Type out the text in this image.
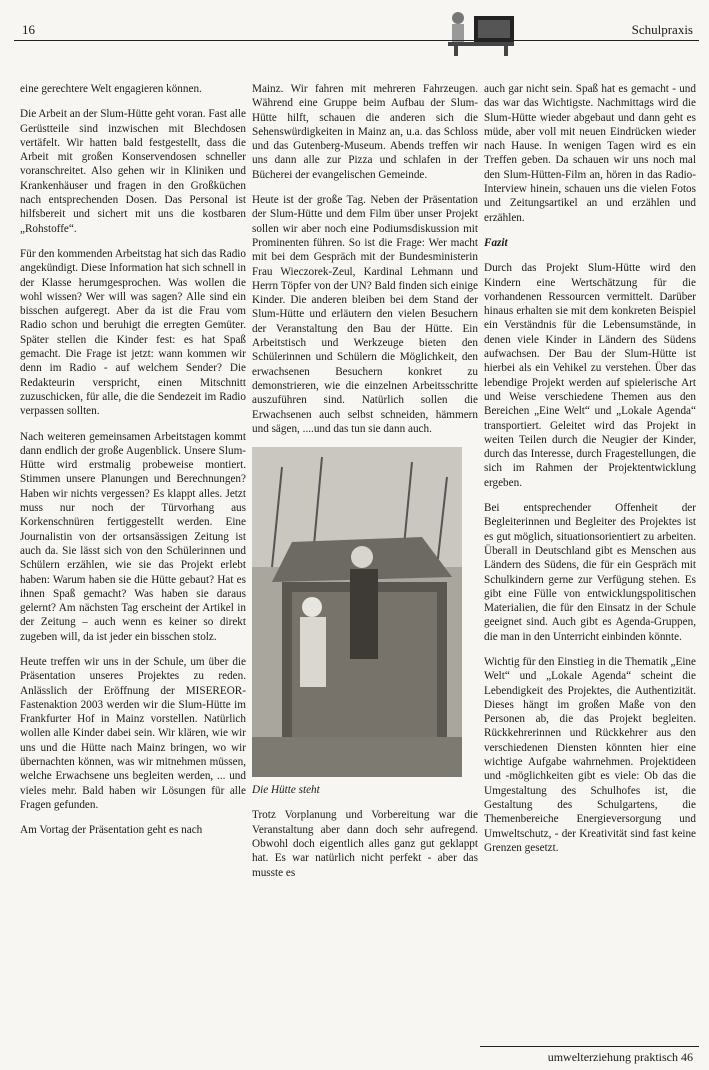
16	Schulpraxis

eine gerechtere Welt engagieren können.

Die Arbeit an der Slum-Hütte geht voran. Fast alle Gerüstteile sind inzwischen mit Blechdosen vertäfelt. Wir hatten bald festgestellt, dass die Arbeit mit großen Konservendosen schneller voranschreitet. Also gehen wir in Kliniken und Krankenhäuser und fragen in den Großküchen nach entsprechenden Dosen. Das Personal ist hilfsbereit und sichert mit uns die kostbaren „Rohstoffe“.

Für den kommenden Arbeitstag hat sich das Radio angekündigt. Diese Information hat sich schnell in der Klasse herumgesprochen. Was wollen die wohl wissen? Wer will was sagen? Alle sind ein bisschen aufgeregt. Aber da ist die Frau vom Radio schon und beruhigt die erregten Gemüter. Später stellen die Kinder fest: es hat Spaß gemacht. Die Frage ist jetzt: wann kommen wir denn im Radio - auf welchem Sender? Die Redakteurin verspricht, einen Mitschnitt zuzuschicken, für alle, die die Sendezeit im Radio verpassen sollten.

Nach weiteren gemeinsamen Arbeitstagen kommt dann endlich der große Augenblick. Unsere Slum-Hütte wird erstmalig probeweise montiert. Stimmen unsere Planungen und Berechnungen? Haben wir nichts vergessen? Es klappt alles. Jetzt muss nur noch der Türvorhang aus Korkenschnüren fertiggestellt werden. Eine Journalistin von der ortsansässigen Zeitung ist auch da. Sie lässt sich von den Schülerinnen und Schülern erzählen, wie sie das Projekt erlebt haben: Warum haben sie die Hütte gebaut? Hat es ihnen Spaß gemacht? Was haben sie daraus gelernt? Am nächsten Tag erscheint der Artikel in der Zeitung – auch wenn es keiner so direkt zugeben will, da ist jeder ein bisschen stolz.

Heute treffen wir uns in der Schule, um über die Präsentation unseres Projektes zu reden. Anlässlich der Eröffnung der MISEREOR-Fastenaktion 2003 werden wir die Slum-Hütte im Frankfurter Hof in Mainz vorstellen. Natürlich wollen alle Kinder dabei sein. Wir klären, wie wir uns und die Hütte nach Mainz bringen, wo wir übernachten können, was wir mitnehmen müssen, welche Erwachsene uns begleiten werden, ... und vieles mehr. Bald haben wir Lösungen für alle Fragen gefunden.

Am Vortag der Präsentation geht es nach

Mainz. Wir fahren mit mehreren Fahrzeugen. Während eine Gruppe beim Aufbau der Slum-Hütte hilft, schauen die anderen sich die Sehenswürdigkeiten in Mainz an, u.a. das Schloss und das Gutenberg-Museum. Abends treffen wir uns dann alle zur Pizza und schlafen in der Bücherei der evangelischen Gemeinde.

Heute ist der große Tag. Neben der Präsentation der Slum-Hütte und dem Film über unser Projekt sollen wir aber noch eine Podiumsdiskussion mit Prominenten führen. So ist die Frage: Wer macht mit bei dem Gespräch mit der Bundesministerin Frau Wieczorek-Zeul, Kardinal Lehmann und Herrn Töpfer von der UN? Bald finden sich einige Kinder. Die anderen bleiben bei dem Stand der Slum-Hütte und erläutern den vielen Besuchern der Veranstaltung den Bau der Hütte. Ein Arbeitstisch und Werkzeuge bieten den Schülerinnen und Schülern die Möglichkeit, den erwachsenen Besuchern konkret zu demonstrieren, wie die einzelnen Arbeitsschritte auszuführen sind. Natürlich sollen die Erwachsenen auch selbst schneiden, hämmern und sägen, ....und das tun sie dann auch.

Die Hütte steht

Trotz Vorplanung und Vorbereitung war die Veranstaltung aber dann doch sehr aufregend. Obwohl doch eigentlich alles ganz gut geklappt hat. Es war natürlich nicht perfekt - aber das musste es

auch gar nicht sein. Spaß hat es gemacht - und das war das Wichtigste. Nachmittags wird die Slum-Hütte wieder abgebaut und dann geht es müde, aber voll mit neuen Eindrücken wieder nach Hause. In wenigen Tagen wird es ein Treffen geben. Da schauen wir uns noch mal den Slum-Hütten-Film an, hören in das Radio-Interview hinein, schauen uns die vielen Fotos und Zeitungsartikel an und erzählen und erzählen.

Fazit

Durch das Projekt Slum-Hütte wird den Kindern eine Wertschätzung für die vorhandenen Ressourcen vermittelt. Darüber hinaus erhalten sie mit dem konkreten Beispiel ein Verständnis für die Lebensumstände, in denen viele Kinder in Ländern des Südens aufwachsen. Der Bau der Slum-Hütte ist hierbei als ein Vehikel zu verstehen. Über das lebendige Projekt werden auf spielerische Art und Weise verschiedene Themen aus den Bereichen „Eine Welt“ und „Lokale Agenda“ transportiert. Geleitet wird das Projekt in weiten Teilen durch die Neugier der Kinder, durch das Interesse, durch Fragestellungen, die sich im Rahmen der Projektentwicklung ergeben.

Bei entsprechender Offenheit der Begleiterinnen und Begleiter des Projektes ist es gut möglich, situationsorientiert zu arbeiten. Überall in Deutschland gibt es Menschen aus Ländern des Südens, die für ein Gespräch mit Schulkindern gerne zur Verfügung stehen. Es gibt eine Fülle von entwicklungspolitischen Materialien, die für den Einsatz in der Schule geeignet sind. Auch gibt es Agenda-Gruppen, die man in den Unterricht einbinden könnte.

Wichtig für den Einstieg in die Thematik „Eine Welt“ und „Lokale Agenda“ scheint die Lebendigkeit des Projektes, die Authentizität. Dieses hängt im großen Maße von den Personen ab, die das Projekt begleiten. Rückkehrerinnen und Rückkehrer aus den verschiedenen Diensten könnten hier eine wichtige Aufgabe wahrnehmen. Projektideen und -möglichkeiten gibt es viele: Ob das die Umgestaltung des Schulhofes ist, die Gestaltung des Schulgartens, die Themenbereiche Energieversorgung und Umweltschutz, - der Kreativität sind fast keine Grenzen gesetzt.

umwelterziehung praktisch 46
